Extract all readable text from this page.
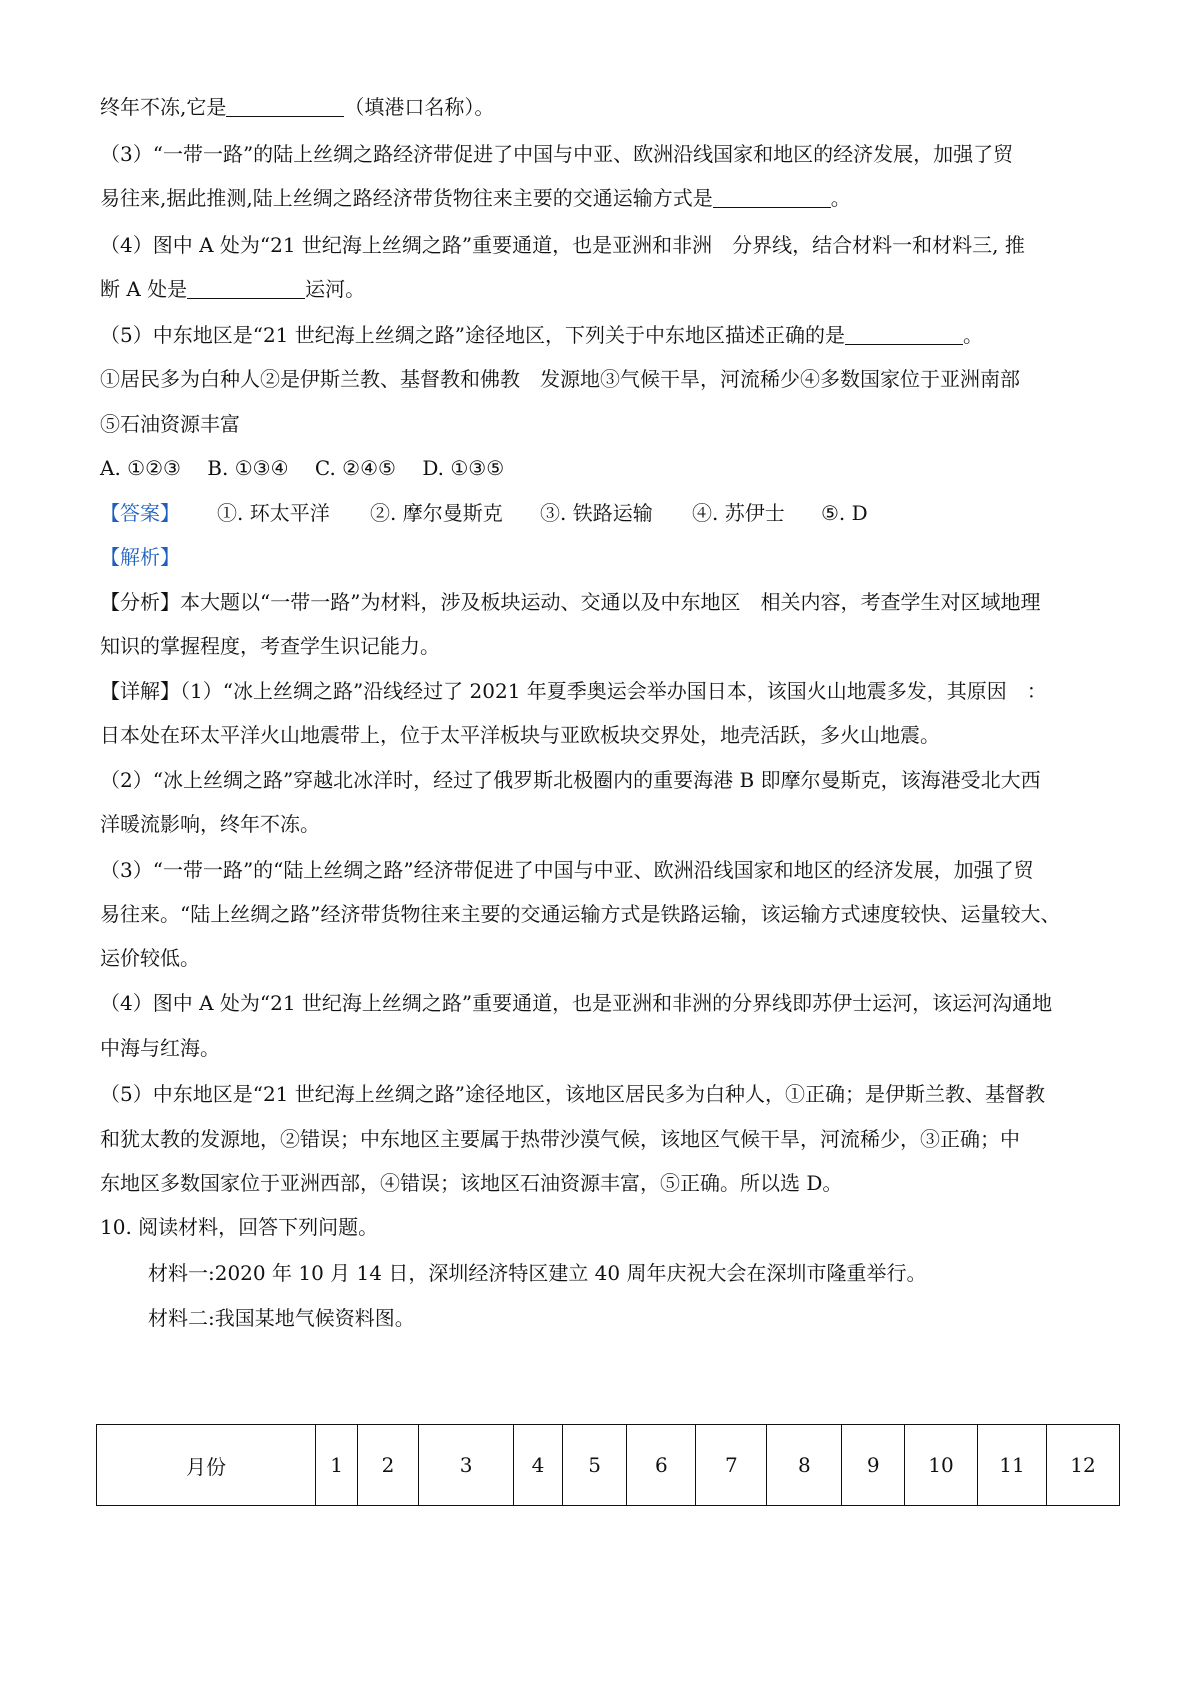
终年不冻,它是	（填港口名称）。
（3）“一带一路”的陆上丝绸之路经济带促进了中国与中亚、欧洲沿线国家和地区的经济发展，加强了贸
易往来,据此推测,陆上丝绸之路经济带货物往来主要的交通运输方式是	。
（4）图中 A 处为“21 世纪海上丝绸之路”重要通道，也是亚洲和非洲　分界线，结合材料一和材料三, 推
断 A 处是	运河。
（5）中东地区是“21 世纪海上丝绸之路”途径地区，下列关于中东地区描述正确的是	。
①居民多为白种人②是伊斯兰教、基督教和佛教　发源地③气候干旱，河流稀少④多数国家位于亚洲南部
⑤石油资源丰富
A. ①②③　 B. ①③④　 C. ②④⑤　 D. ①③⑤
【答案】 ①. 环太平洋 ②. 摩尔曼斯克 ③. 铁路运输 ④. 苏伊士 ⑤. D
【解析】
【分析】本大题以“一带一路”为材料，涉及板块运动、交通以及中东地区　相关内容，考查学生对区域地理
知识的掌握程度，考查学生识记能力。
【详解】（1）“冰上丝绸之路”沿线经过了 2021 年夏季奥运会举办国日本，该国火山地震多发，其原因　：
日本处在环太平洋火山地震带上，位于太平洋板块与亚欧板块交界处，地壳活跃，多火山地震。
（2）“冰上丝绸之路”穿越北冰洋时，经过了俄罗斯北极圈内的重要海港 B 即摩尔曼斯克，该海港受北大西
洋暖流影响，终年不冻。
（3）“一带一路”的“陆上丝绸之路”经济带促进了中国与中亚、欧洲沿线国家和地区的经济发展，加强了贸
易往来。“陆上丝绸之路”经济带货物往来主要的交通运输方式是铁路运输，该运输方式速度较快、运量较大、
运价较低。
（4）图中 A 处为“21 世纪海上丝绸之路”重要通道，也是亚洲和非洲的分界线即苏伊士运河，该运河沟通地
中海与红海。
（5）中东地区是“21 世纪海上丝绸之路”途径地区，该地区居民多为白种人，①正确；是伊斯兰教、基督教
和犹太教的发源地，②错误；中东地区主要属于热带沙漠气候，该地区气候干旱，河流稀少，③正确；中
东地区多数国家位于亚洲西部，④错误；该地区石油资源丰富，⑤正确。所以选 D。
10. 阅读材料，回答下列问题。
材料一:2020 年 10 月 14 日，深圳经济特区建立 40 周年庆祝大会在深圳市隆重举行。
材料二:我国某地气候资料图。
月份	1	2	3	4	5	6	7	8	9	10	11	12
